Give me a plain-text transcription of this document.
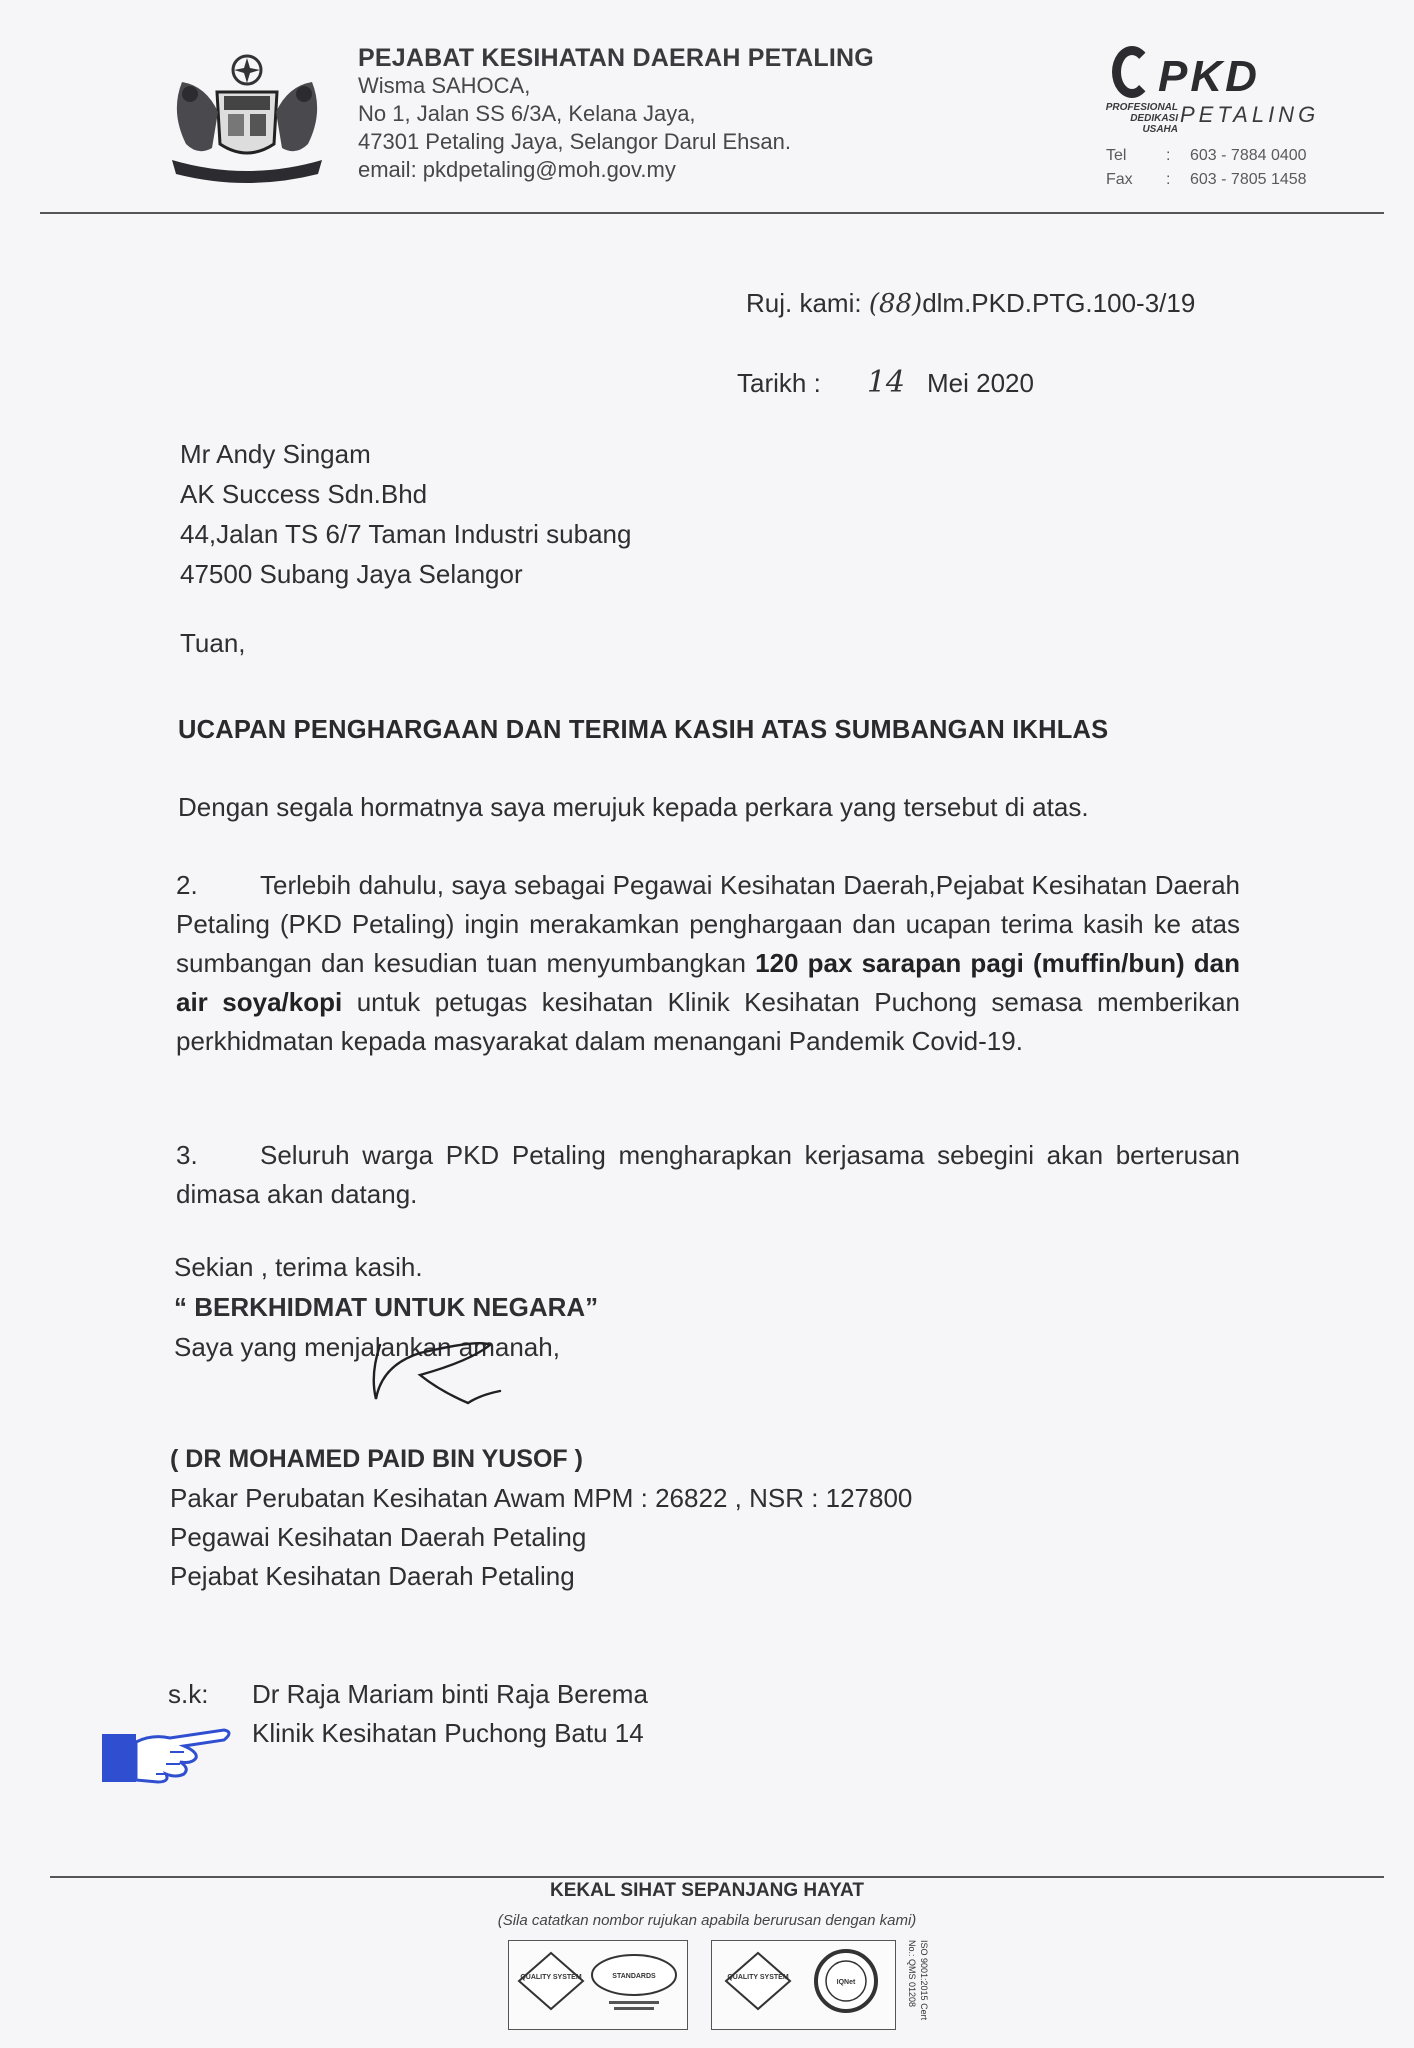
PEJABAT KESIHATAN DAERAH PETALING
Wisma SAHOCA,
No 1, Jalan SS 6/3A, Kelana Jaya,
47301 Petaling Jaya, Selangor Darul Ehsan.
email: pkdpetaling@moh.gov.my
PKD
PROFESIONAL
DEDIKASI
USAHA
PETALING
Tel : 603 - 7884 0400
Fax : 603 - 7805 1458
Ruj. kami: (88)dlm.PKD.PTG.100-3/19
Tarikh : 14 Mei 2020
Mr Andy Singam
AK Success Sdn.Bhd
44,Jalan TS 6/7 Taman Industri subang
47500 Subang Jaya Selangor
Tuan,
UCAPAN PENGHARGAAN DAN TERIMA KASIH ATAS SUMBANGAN IKHLAS
Dengan segala hormatnya saya merujuk kepada perkara yang tersebut di atas.
2. Terlebih dahulu, saya sebagai Pegawai Kesihatan Daerah,Pejabat Kesihatan Daerah Petaling (PKD Petaling) ingin merakamkan penghargaan dan ucapan terima kasih ke atas sumbangan dan kesudian tuan menyumbangkan 120 pax sarapan pagi (muffin/bun) dan air soya/kopi untuk petugas kesihatan Klinik Kesihatan Puchong semasa memberikan perkhidmatan kepada masyarakat dalam menangani Pandemik Covid-19.
3. Seluruh warga PKD Petaling mengharapkan kerjasama sebegini akan berterusan dimasa akan datang.
Sekian , terima kasih.
“ BERKHIDMAT UNTUK NEGARA”
Saya yang menjalankan amanah,
( DR MOHAMED PAID BIN YUSOF )
Pakar Perubatan Kesihatan Awam MPM : 26822 , NSR : 127800
Pegawai Kesihatan Daerah Petaling
Pejabat Kesihatan Daerah Petaling
s.k: Dr Raja Mariam binti Raja Berema
Klinik Kesihatan Puchong Batu 14
KEKAL SIHAT SEPANJANG HAYAT
(Sila catatkan nombor rujukan apabila berurusan dengan kami)
QUALITY SYSTEM	STANDARDS	QUALITY SYSTEM
IQNet	ISO 9001:2015 Cert No.: QMS 01208
